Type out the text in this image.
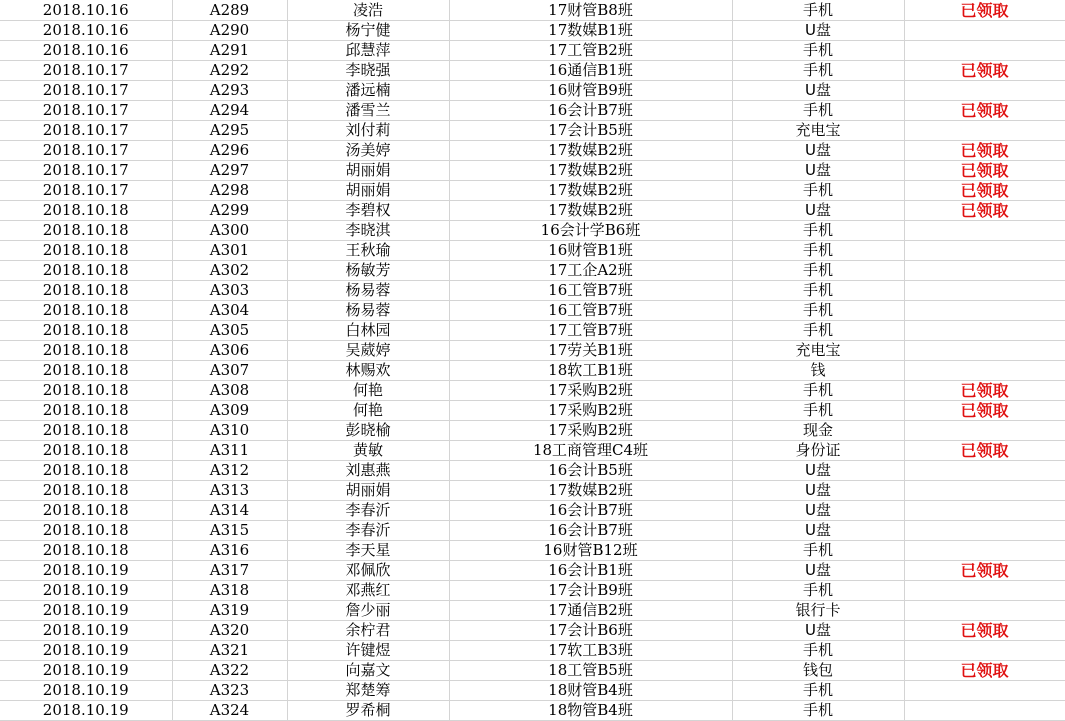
2018.10.16	A289	凌浩	17财管B8班	手机	已领取
2018.10.16	A290	杨宁健	17数媒B1班	U盘	
2018.10.16	A291	邱慧萍	17工管B2班	手机	
2018.10.17	A292	李晓强	16通信B1班	手机	已领取
2018.10.17	A293	潘远楠	16财管B9班	U盘	
2018.10.17	A294	潘雪兰	16会计B7班	手机	已领取
2018.10.17	A295	刘付莉	17会计B5班	充电宝	
2018.10.17	A296	汤美婷	17数媒B2班	U盘	已领取
2018.10.17	A297	胡丽娟	17数媒B2班	U盘	已领取
2018.10.17	A298	胡丽娟	17数媒B2班	手机	已领取
2018.10.18	A299	李碧权	17数媒B2班	U盘	已领取
2018.10.18	A300	李晓淇	16会计学B6班	手机	
2018.10.18	A301	王秋瑜	16财管B1班	手机	
2018.10.18	A302	杨敏芳	17工企A2班	手机	
2018.10.18	A303	杨易蓉	16工管B7班	手机	
2018.10.18	A304	杨易蓉	16工管B7班	手机	
2018.10.18	A305	白林园	17工管B7班	手机	
2018.10.18	A306	吴葳婷	17劳关B1班	充电宝	
2018.10.18	A307	林赐欢	18软工B1班	钱	
2018.10.18	A308	何艳	17采购B2班	手机	已领取
2018.10.18	A309	何艳	17采购B2班	手机	已领取
2018.10.18	A310	彭晓榆	17采购B2班	现金	
2018.10.18	A311	黄敏	18工商管理C4班	身份证	已领取
2018.10.18	A312	刘惠燕	16会计B5班	U盘	
2018.10.18	A313	胡丽娟	17数媒B2班	U盘	
2018.10.18	A314	李春沂	16会计B7班	U盘	
2018.10.18	A315	李春沂	16会计B7班	U盘	
2018.10.18	A316	李天星	16财管B12班	手机	
2018.10.19	A317	邓佩欣	16会计B1班	U盘	已领取
2018.10.19	A318	邓燕红	17会计B9班	手机	
2018.10.19	A319	詹少丽	17通信B2班	银行卡	
2018.10.19	A320	余柠君	17会计B6班	U盘	已领取
2018.10.19	A321	许键煜	17软工B3班	手机	
2018.10.19	A322	向嘉文	18工管B5班	钱包	已领取
2018.10.19	A323	郑楚筹	18财管B4班	手机	
2018.10.19	A324	罗希桐	18物管B4班	手机	
